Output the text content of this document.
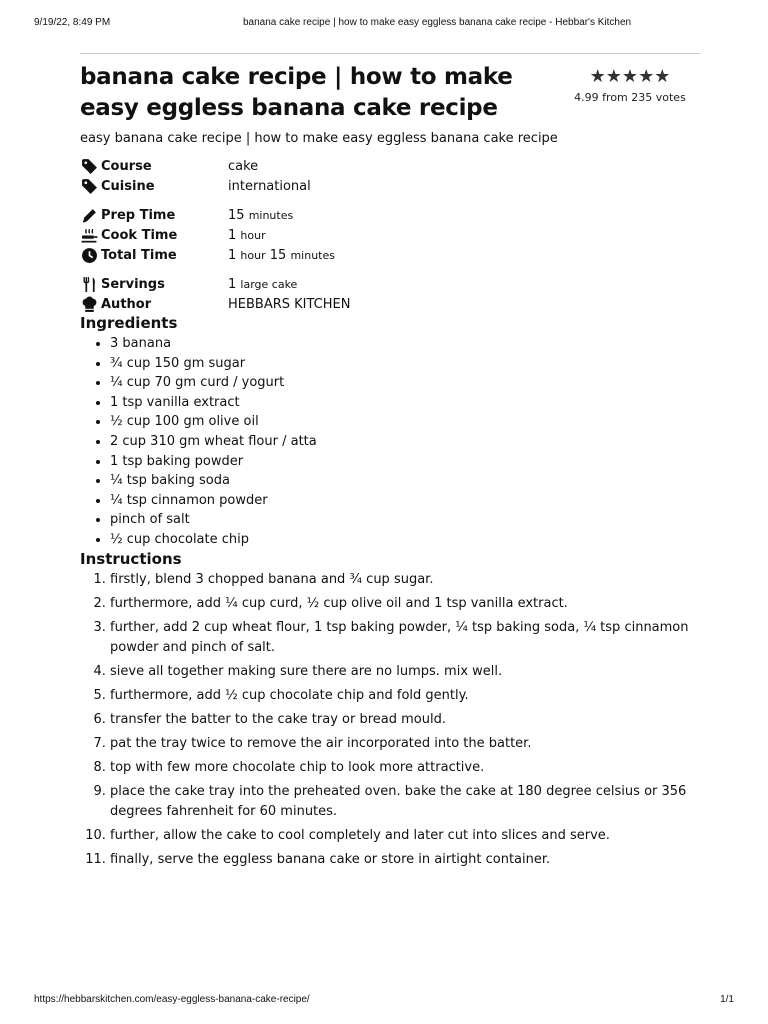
9/19/22, 8:49 PM	banana cake recipe | how to make easy eggless banana cake recipe - Hebbar's Kitchen
banana cake recipe | how to make easy eggless banana cake recipe
★★★★★
4.99 from 235 votes
easy banana cake recipe | how to make easy eggless banana cake recipe
Course	cake
Cuisine	international
Prep Time	15 minutes
Cook Time	1 hour
Total Time	1 hour 15 minutes
Servings	1 large cake
Author	HEBBARS KITCHEN
Ingredients
• 3 banana
• ¾ cup 150 gm sugar
• ¼ cup 70 gm curd / yogurt
• 1 tsp vanilla extract
• ½ cup 100 gm olive oil
• 2 cup 310 gm wheat flour / atta
• 1 tsp baking powder
• ¼ tsp baking soda
• ¼ tsp cinnamon powder
• pinch of salt
• ½ cup chocolate chip
Instructions
1. firstly, blend 3 chopped banana and ¾ cup sugar.
2. furthermore, add ¼ cup curd, ½ cup olive oil and 1 tsp vanilla extract.
3. further, add 2 cup wheat flour, 1 tsp baking powder, ¼ tsp baking soda, ¼ tsp cinnamon powder and pinch of salt.
4. sieve all together making sure there are no lumps. mix well.
5. furthermore, add ½ cup chocolate chip and fold gently.
6. transfer the batter to the cake tray or bread mould.
7. pat the tray twice to remove the air incorporated into the batter.
8. top with few more chocolate chip to look more attractive.
9. place the cake tray into the preheated oven. bake the cake at 180 degree celsius or 356 degrees fahrenheit for 60 minutes.
10. further, allow the cake to cool completely and later cut into slices and serve.
11. finally, serve the eggless banana cake or store in airtight container.
https://hebbarskitchen.com/easy-eggless-banana-cake-recipe/	1/1
